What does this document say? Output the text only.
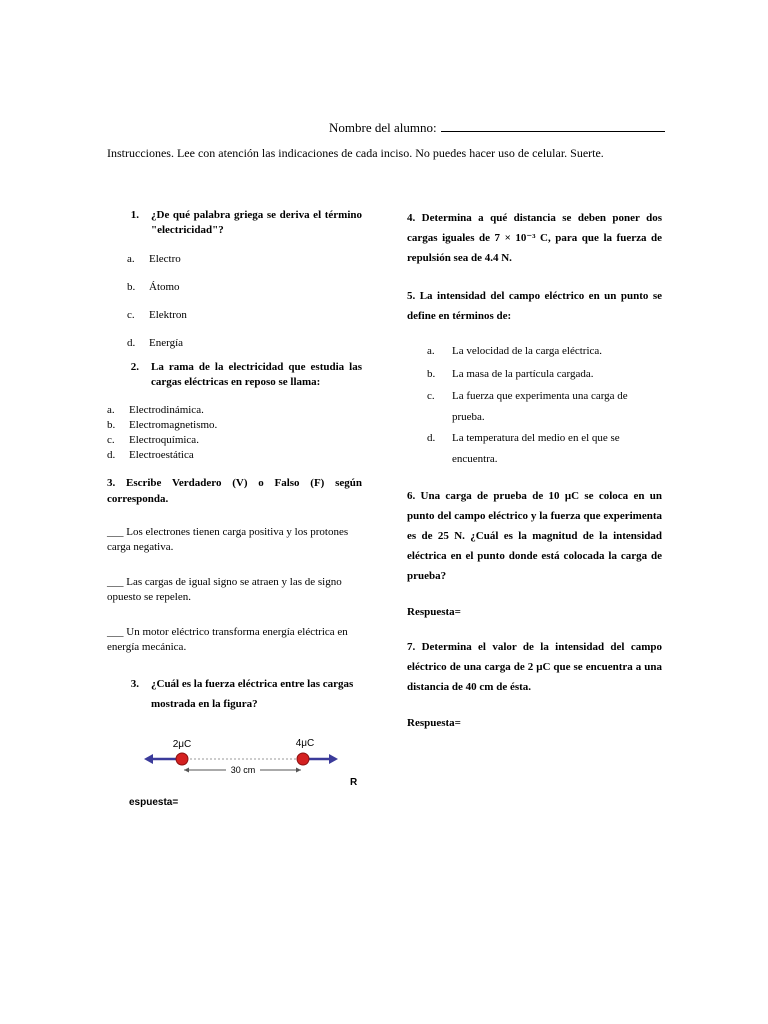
Nombre del alumno:
Instrucciones. Lee con atención las indicaciones de cada inciso. No puedes hacer uso de celular. Suerte.
1.	¿De qué palabra griega se deriva el término "electricidad"?
a.	Electro
b.	Átomo
c.	Elektron
d.	Energía
2.	La rama de la electricidad que estudia las cargas eléctricas en reposo se llama:
a.	Electrodinámica.
b.	Electromagnetismo.
c.	Electroquímica.
d.	Electroestática
3. Escribe Verdadero (V) o Falso (F) según corresponda.
___ Los electrones tienen carga positiva y los protones carga negativa.
___ Las cargas de igual signo se atraen y las de signo opuesto se repelen.
___ Un motor eléctrico transforma energía eléctrica en energía mecánica.
3.	¿Cuál es la fuerza eléctrica entre las cargas mostrada en la figura?
2μC	4μC
30 cm
R
espuesta=
4. Determina a qué distancia se deben poner dos cargas iguales de 7 × 10⁻³ C, para que la fuerza de repulsión sea de 4.4 N.
5. La intensidad del campo eléctrico en un punto se define en términos de:
a.	La velocidad de la carga eléctrica.
b.	La masa de la partícula cargada.
c.	La fuerza que experimenta una carga de prueba.
d.	La temperatura del medio en el que se encuentra.
6. Una carga de prueba de 10 μC se coloca en un punto del campo eléctrico y la fuerza que experimenta es de 25 N. ¿Cuál es la magnitud de la intensidad eléctrica en el punto donde está colocada la carga de prueba?
Respuesta=
7. Determina el valor de la intensidad del campo eléctrico de una carga de 2 μC que se encuentra a una distancia de 40 cm de ésta.
Respuesta=
